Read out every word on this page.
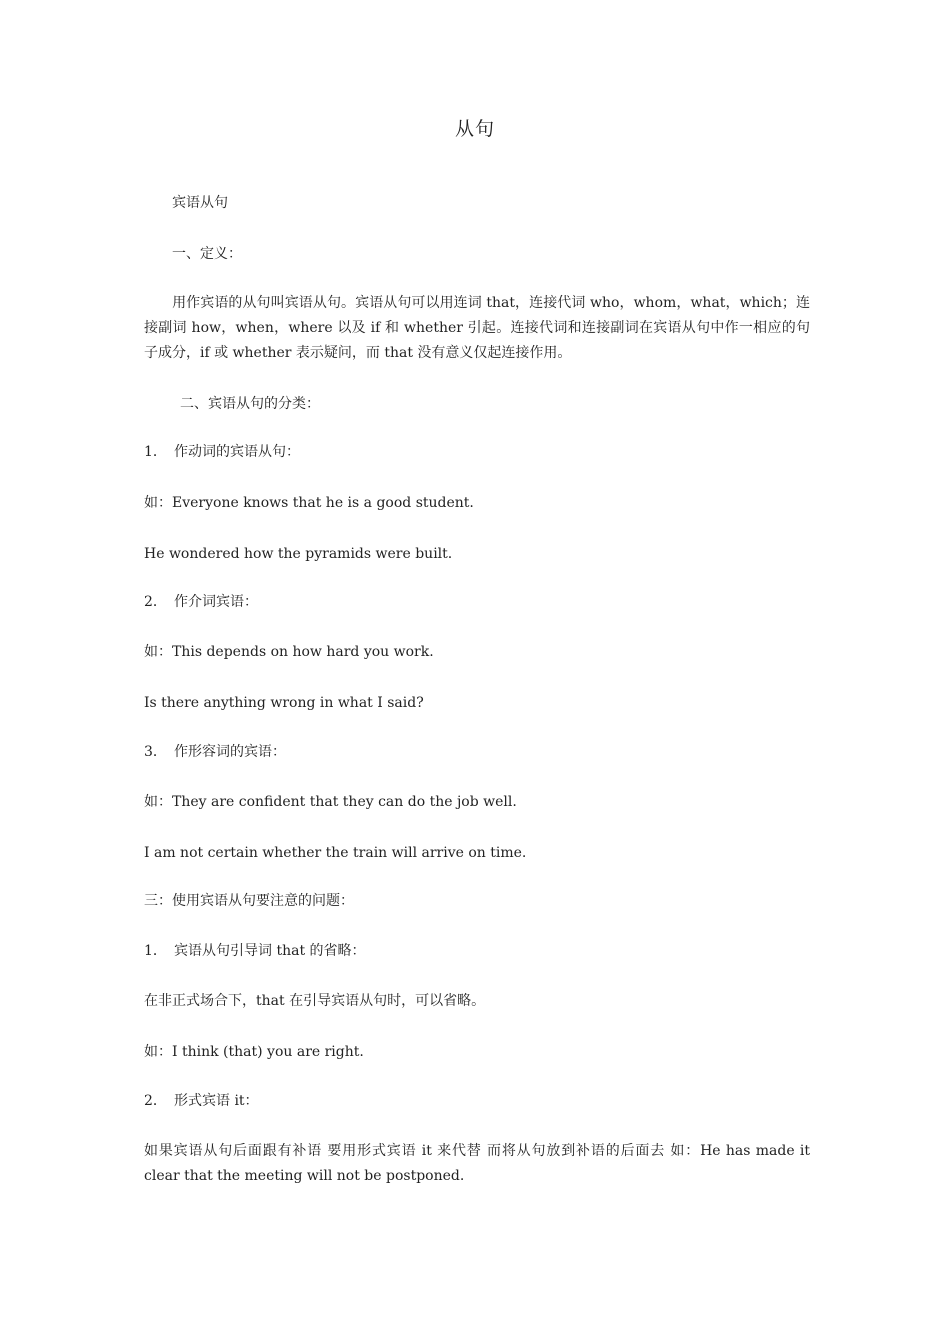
从句
宾语从句
一、定义：
用作宾语的从句叫宾语从句。宾语从句可以用连词 that，连接代词 who，whom，what，which；连接副词 how，when，where 以及 if 和 whether 引起。连接代词和连接副词在宾语从句中作一相应的句子成分，if 或 whether 表示疑问，而 that 没有意义仅起连接作用。
二、宾语从句的分类：
1． 作动词的宾语从句：
如：Everyone knows that he is a good student.
He wondered how the pyramids were built.
2． 作介词宾语：
如：This depends on how hard you work.
Is there anything wrong in what I said?
3． 作形容词的宾语：
如：They are confident that they can do the job well.
I am not certain whether the train will arrive on time.
三：使用宾语从句要注意的问题：
1． 宾语从句引导词 that 的省略：
在非正式场合下，that 在引导宾语从句时，可以省略。
如：I think (that) you are right.
2． 形式宾语 it：
如果宾语从句后面跟有补语 要用形式宾语 it 来代替 而将从句放到补语的后面去 如：He has made it clear that the meeting will not be postponed.
